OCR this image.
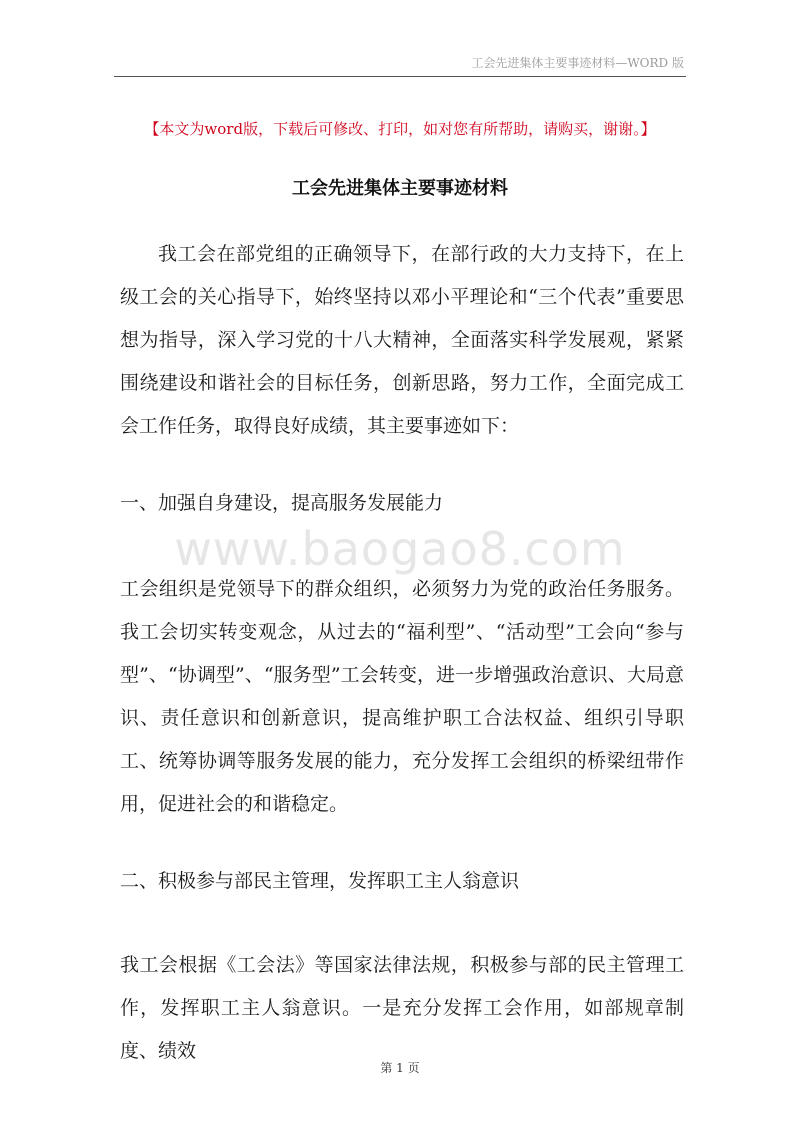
工会先进集体主要事迹材料—WORD 版
【本文为word版，下载后可修改、打印，如对您有所帮助，请购买，谢谢。】
工会先进集体主要事迹材料

我工会在部党组的正确领导下，在部行政的大力支持下，在上级工会的关心指导下，始终坚持以邓小平理论和“三个代表”重要思想为指导，深入学习党的十八大精神，全面落实科学发展观，紧紧围绕建设和谐社会的目标任务，创新思路，努力工作，全面完成工会工作任务，取得良好成绩，其主要事迹如下：

一、加强自身建设，提高服务发展能力

www.baogao8.com

工会组织是党领导下的群众组织，必须努力为党的政治任务服务。我工会切实转变观念，从过去的“福利型”、“活动型”工会向“参与型”、“协调型”、“服务型”工会转变，进一步增强政治意识、大局意识、责任意识和创新意识，提高维护职工合法权益、组织引导职工、统筹协调等服务发展的能力，充分发挥工会组织的桥梁纽带作用，促进社会的和谐稳定。

二、积极参与部民主管理，发挥职工主人翁意识

我工会根据《工会法》等国家法律法规，积极参与部的民主管理工作，发挥职工主人翁意识。一是充分发挥工会作用，如部规章制度、绩效

第 1 页
